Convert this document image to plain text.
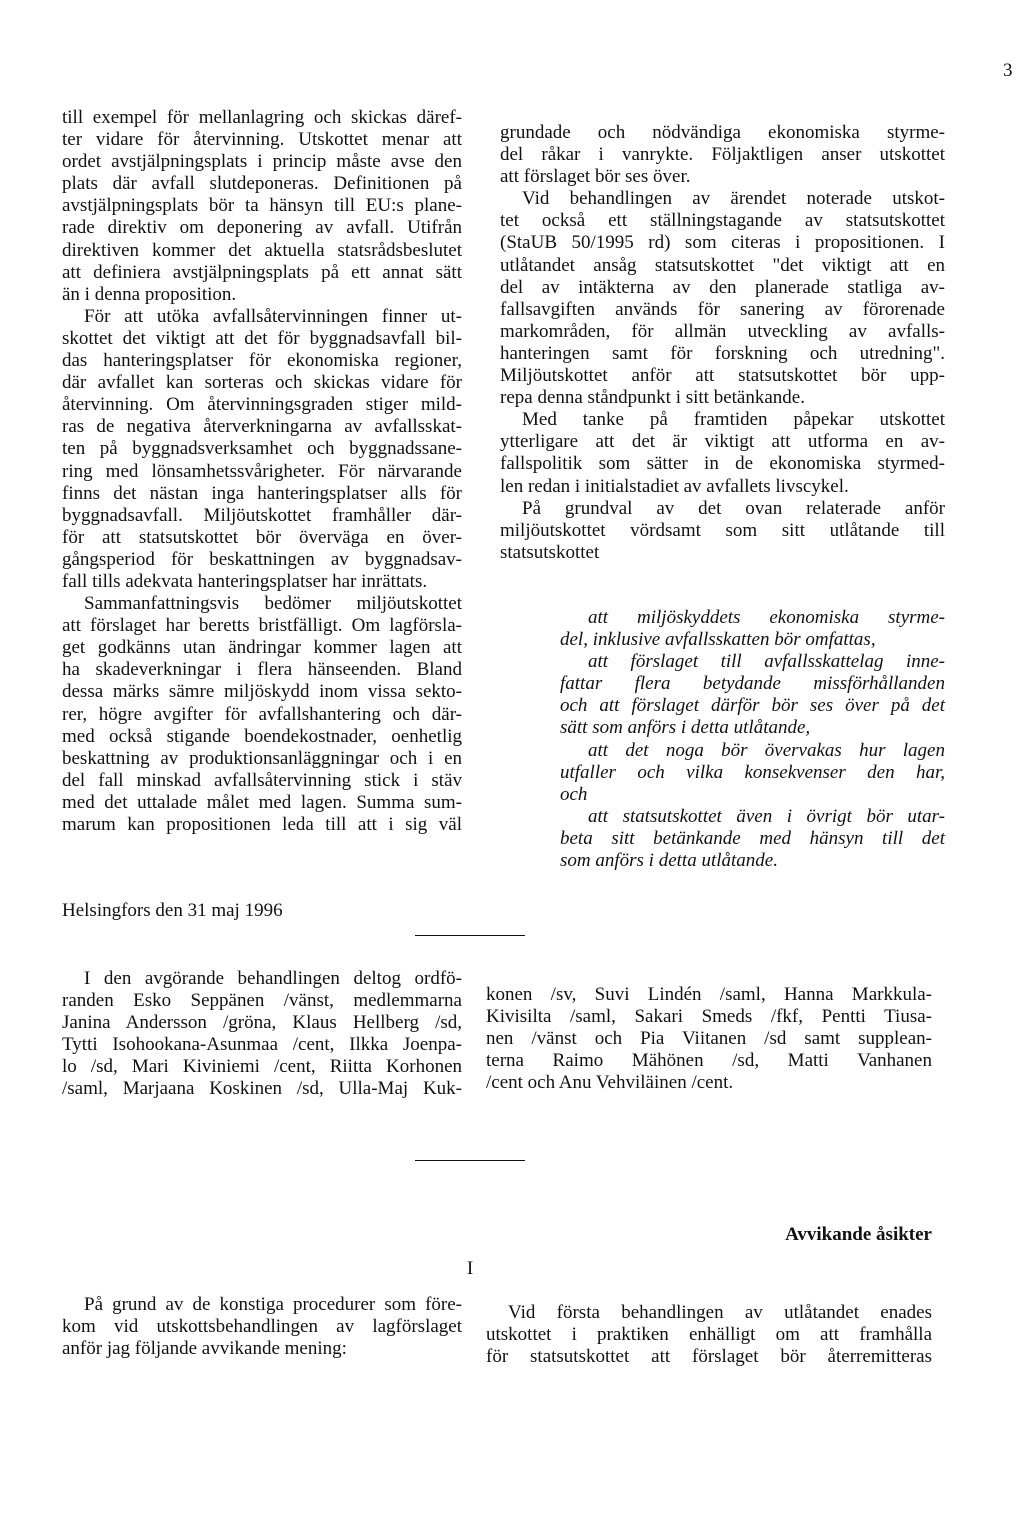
3
till exempel för mellanlagring och skickas däref-
ter vidare för återvinning. Utskottet menar att
ordet avstjälpningsplats i princip måste avse den
plats där avfall slutdeponeras. Definitionen på
avstjälpningsplats bör ta hänsyn till EU:s plane-
rade direktiv om deponering av avfall. Utifrån
direktiven kommer det aktuella statsrådsbeslutet
att definiera avstjälpningsplats på ett annat sätt
än i denna proposition.
För att utöka avfallsåtervinningen finner ut-
skottet det viktigt att det för byggnadsavfall bil-
das hanteringsplatser för ekonomiska regioner,
där avfallet kan sorteras och skickas vidare för
återvinning. Om återvinningsgraden stiger mild-
ras de negativa återverkningarna av avfallsskat-
ten på byggnadsverksamhet och byggnadssane-
ring med lönsamhetssvårigheter. För närvarande
finns det nästan inga hanteringsplatser alls för
byggnadsavfall. Miljöutskottet framhåller där-
för att statsutskottet bör överväga en över-
gångsperiod för beskattningen av byggnadsav-
fall tills adekvata hanteringsplatser har inrättats.
Sammanfattningsvis bedömer miljöutskottet
att förslaget har beretts bristfälligt. Om lagförsla-
get godkänns utan ändringar kommer lagen att
ha skadeverkningar i flera hänseenden. Bland
dessa märks sämre miljöskydd inom vissa sekto-
rer, högre avgifter för avfallshantering och där-
med också stigande boendekostnader, oenhetlig
beskattning av produktionsanläggningar och i en
del fall minskad avfallsåtervinning stick i stäv
med det uttalade målet med lagen. Summa sum-
marum kan propositionen leda till att i sig väl
grundade och nödvändiga ekonomiska styrme-
del råkar i vanrykte. Följaktligen anser utskottet
att förslaget bör ses över.
Vid behandlingen av ärendet noterade utskot-
tet också ett ställningstagande av statsutskottet
(StaUB 50/1995 rd) som citeras i propositionen. I
utlåtandet ansåg statsutskottet "det viktigt att en
del av intäkterna av den planerade statliga av-
fallsavgiften används för sanering av förorenade
markområden, för allmän utveckling av avfalls-
hanteringen samt för forskning och utredning".
Miljöutskottet anför att statsutskottet bör upp-
repa denna ståndpunkt i sitt betänkande.
Med tanke på framtiden påpekar utskottet
ytterligare att det är viktigt att utforma en av-
fallspolitik som sätter in de ekonomiska styrmed-
len redan i initialstadiet av avfallets livscykel.
På grundval av det ovan relaterade anför
miljöutskottet vördsamt som sitt utlåtande till
statsutskottet
att miljöskyddets ekonomiska styrme-
del, inklusive avfallsskatten bör omfattas,
att förslaget till avfallsskattelag inne-
fattar flera betydande missförhållanden
och att förslaget därför bör ses över på det
sätt som anförs i detta utlåtande,
att det noga bör övervakas hur lagen
utfaller och vilka konsekvenser den har,
och
att statsutskottet även i övrigt bör utar-
beta sitt betänkande med hänsyn till det
som anförs i detta utlåtande.
Helsingfors den 31 maj 1996
I den avgörande behandlingen deltog ordfö-
randen Esko Seppänen /vänst, medlemmarna
Janina Andersson /gröna, Klaus Hellberg /sd,
Tytti Isohookana-Asunmaa /cent, Ilkka Joenpa-
lo /sd, Mari Kiviniemi /cent, Riitta Korhonen
/saml, Marjaana Koskinen /sd, Ulla-Maj Kuk-
konen /sv, Suvi Lindén /saml, Hanna Markkula-
Kivisilta /saml, Sakari Smeds /fkf, Pentti Tiusa-
nen /vänst och Pia Viitanen /sd samt supplean-
terna Raimo Mähönen /sd, Matti Vanhanen
/cent och Anu Vehviläinen /cent.
Avvikande åsikter
I
På grund av de konstiga procedurer som före-
kom vid utskottsbehandlingen av lagförslaget
anför jag följande avvikande mening:
Vid första behandlingen av utlåtandet enades
utskottet i praktiken enhälligt om att framhålla
för statsutskottet att förslaget bör återremitteras
